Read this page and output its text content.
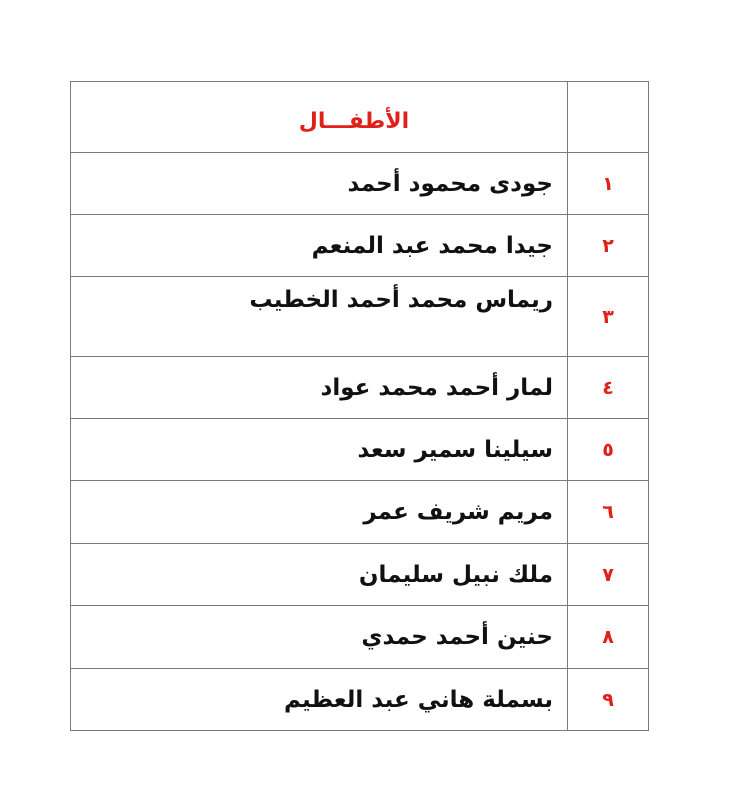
	الأطفـــال
١	جودى محمود أحمد
٢	جيدا محمد عبد المنعم
٣	ريماس محمد أحمد الخطيب
٤	لمار أحمد محمد عواد
٥	سيلينا سمير سعد
٦	مريم شريف عمر
٧	ملك نبيل سليمان
٨	حنين أحمد حمدي
٩	بسملة هاني عبد العظيم
